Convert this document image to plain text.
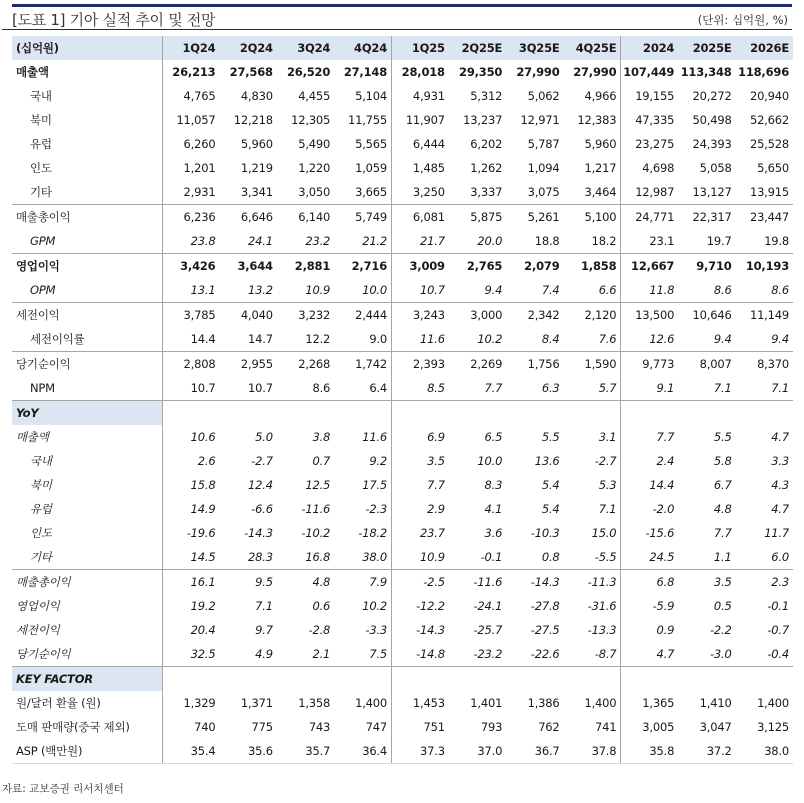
[도표 1] 기아 실적 추이 및 전망	(단위: 십억원, %)
(십억원)	1Q24	2Q24	3Q24	4Q24	1Q25	2Q25E	3Q25E	4Q25E	2024	2025E	2026E
매출액	26,213	27,568	26,520	27,148	28,018	29,350	27,990	27,990	107,449	113,348	118,696
국내	4,765	4,830	4,455	5,104	4,931	5,312	5,062	4,966	19,155	20,272	20,940
북미	11,057	12,218	12,305	11,755	11,907	13,237	12,971	12,383	47,335	50,498	52,662
유럽	6,260	5,960	5,490	5,565	6,444	6,202	5,787	5,960	23,275	24,393	25,528
인도	1,201	1,219	1,220	1,059	1,485	1,262	1,094	1,217	4,698	5,058	5,650
기타	2,931	3,341	3,050	3,665	3,250	3,337	3,075	3,464	12,987	13,127	13,915
매출총이익	6,236	6,646	6,140	5,749	6,081	5,875	5,261	5,100	24,771	22,317	23,447
GPM	23.8	24.1	23.2	21.2	21.7	20.0	18.8	18.2	23.1	19.7	19.8
영업이익	3,426	3,644	2,881	2,716	3,009	2,765	2,079	1,858	12,667	9,710	10,193
OPM	13.1	13.2	10.9	10.0	10.7	9.4	7.4	6.6	11.8	8.6	8.6
세전이익	3,785	4,040	3,232	2,444	3,243	3,000	2,342	2,120	13,500	10,646	11,149
세전이익률	14.4	14.7	12.2	9.0	11.6	10.2	8.4	7.6	12.6	9.4	9.4
당기순이익	2,808	2,955	2,268	1,742	2,393	2,269	1,756	1,590	9,773	8,007	8,370
NPM	10.7	10.7	8.6	6.4	8.5	7.7	6.3	5.7	9.1	7.1	7.1
YoY											
매출액	10.6	5.0	3.8	11.6	6.9	6.5	5.5	3.1	7.7	5.5	4.7
국내	2.6	-2.7	0.7	9.2	3.5	10.0	13.6	-2.7	2.4	5.8	3.3
북미	15.8	12.4	12.5	17.5	7.7	8.3	5.4	5.3	14.4	6.7	4.3
유럽	14.9	-6.6	-11.6	-2.3	2.9	4.1	5.4	7.1	-2.0	4.8	4.7
인도	-19.6	-14.3	-10.2	-18.2	23.7	3.6	-10.3	15.0	-15.6	7.7	11.7
기타	14.5	28.3	16.8	38.0	10.9	-0.1	0.8	-5.5	24.5	1.1	6.0
매출총이익	16.1	9.5	4.8	7.9	-2.5	-11.6	-14.3	-11.3	6.8	3.5	2.3
영업이익	19.2	7.1	0.6	10.2	-12.2	-24.1	-27.8	-31.6	-5.9	0.5	-0.1
세전이익	20.4	9.7	-2.8	-3.3	-14.3	-25.7	-27.5	-13.3	0.9	-2.2	-0.7
당기순이익	32.5	4.9	2.1	7.5	-14.8	-23.2	-22.6	-8.7	4.7	-3.0	-0.4
KEY FACTOR											
원/달러 환율 (원)	1,329	1,371	1,358	1,400	1,453	1,401	1,386	1,400	1,365	1,410	1,400
도매 판매량(중국 제외)	740	775	743	747	751	793	762	741	3,005	3,047	3,125
ASP (백만원)	35.4	35.6	35.7	36.4	37.3	37.0	36.7	37.8	35.8	37.2	38.0
자료: 교보증권 리서치센터
